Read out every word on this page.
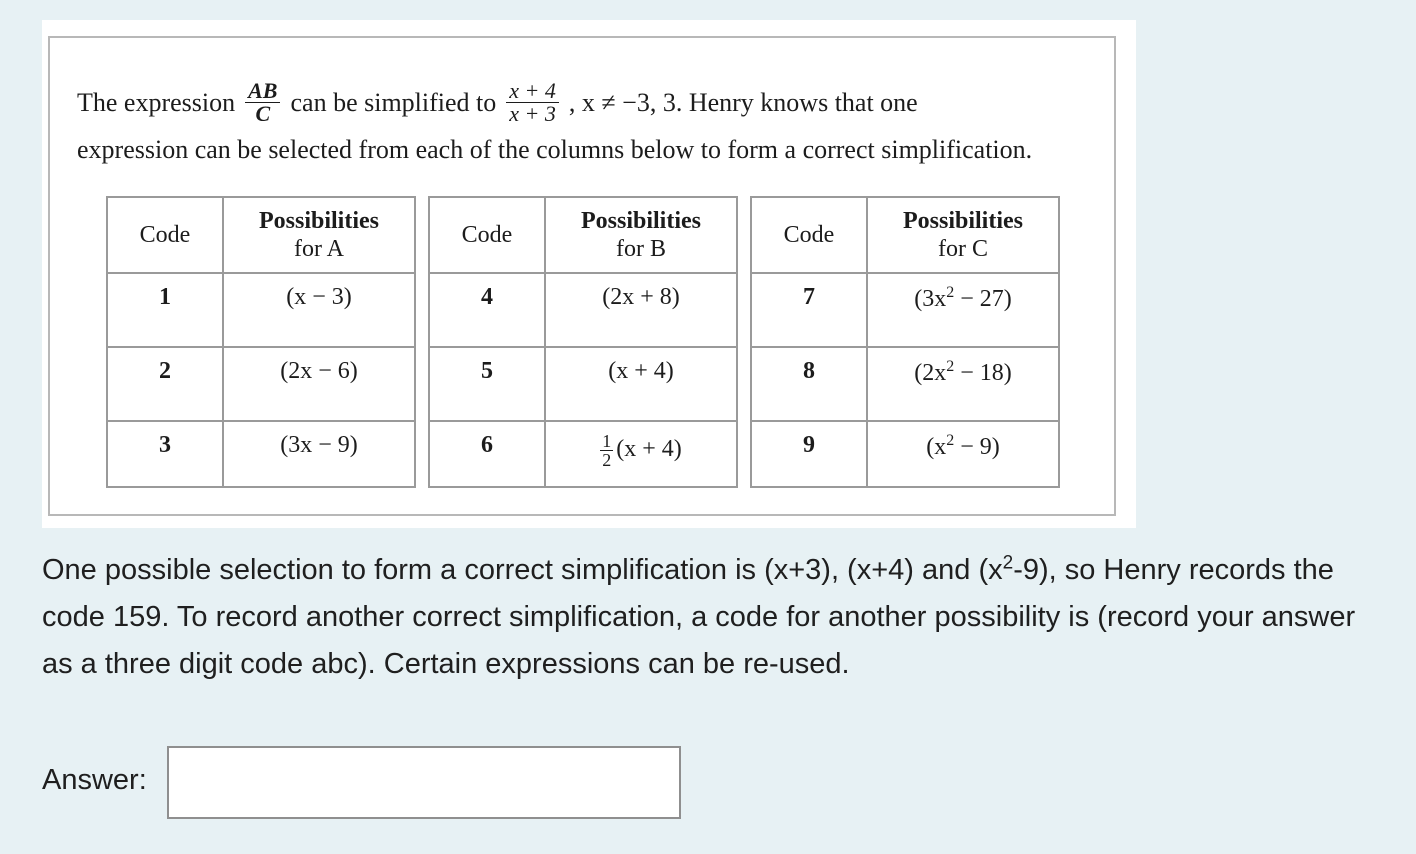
The expression $\frac{AB}{C}$ can be simplified to $\frac{x + 4}{x + 3}$ , x ≠ −3, 3. Henry knows that one
expression can be selected from each of the columns below to form a correct simplification.
Code	Possibilities
for A

1	(x − 3)
2	(2x − 6)
3	(3x − 9)
Code	Possibilities
for B

4	(2x + 8)
5	(x + 4)
6	$\frac{1}{2} (x + 4)$
Code	Possibilities
for C

7	$(3x^2 - 27)$
8	$(2x^2 - 18)$
9	$(x^2 - 9)$
One possible selection to form a correct simplification is (x+3), (x+4) and $(x^2-9)$, so Henry records the code 159. To record another correct simplification, a code for another possibility is (record your answer as a three digit code abc). Certain expressions can be re-used.
Answer:
